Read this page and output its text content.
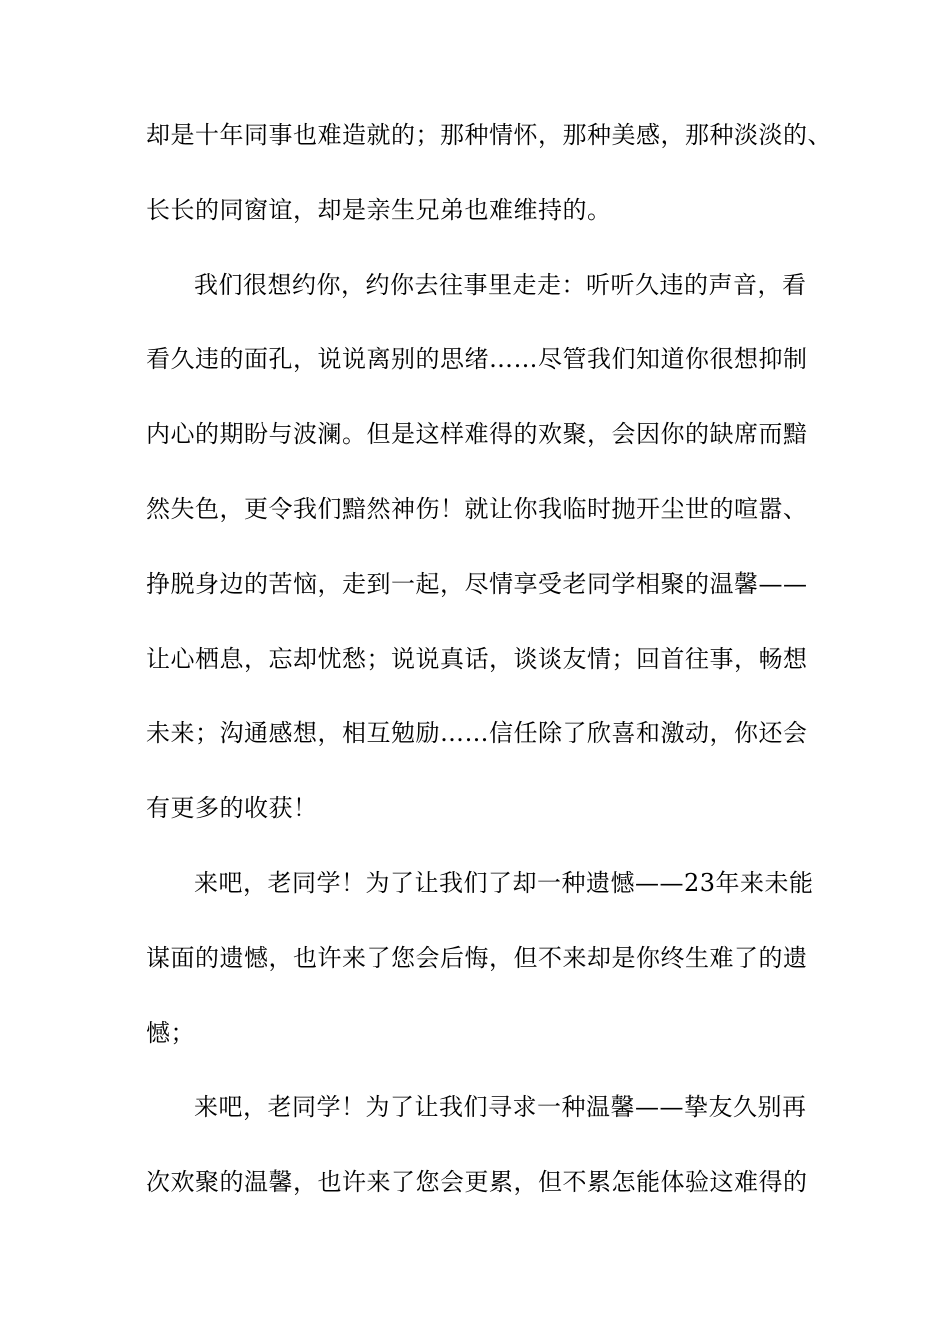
却是十年同事也难造就的；那种情怀，那种美感，那种淡淡的、
长长的同窗谊，却是亲生兄弟也难维持的。
我们很想约你，约你去往事里走走：听听久违的声音，看
看久违的面孔，说说离别的思绪……尽管我们知道你很想抑制
内心的期盼与波澜。但是这样难得的欢聚，会因你的缺席而黯
然失色，更令我们黯然神伤！就让你我临时抛开尘世的喧嚣、
挣脱身边的苦恼，走到一起，尽情享受老同学相聚的温馨——
让心栖息，忘却忧愁；说说真话，谈谈友情；回首往事，畅想
未来；沟通感想，相互勉励……信任除了欣喜和激动，你还会
有更多的收获！
来吧，老同学！为了让我们了却一种遗憾——23年来未能
谋面的遗憾，也许来了您会后悔，但不来却是你终生难了的遗
憾；
来吧，老同学！为了让我们寻求一种温馨——挚友久别再
次欢聚的温馨，也许来了您会更累，但不累怎能体验这难得的
